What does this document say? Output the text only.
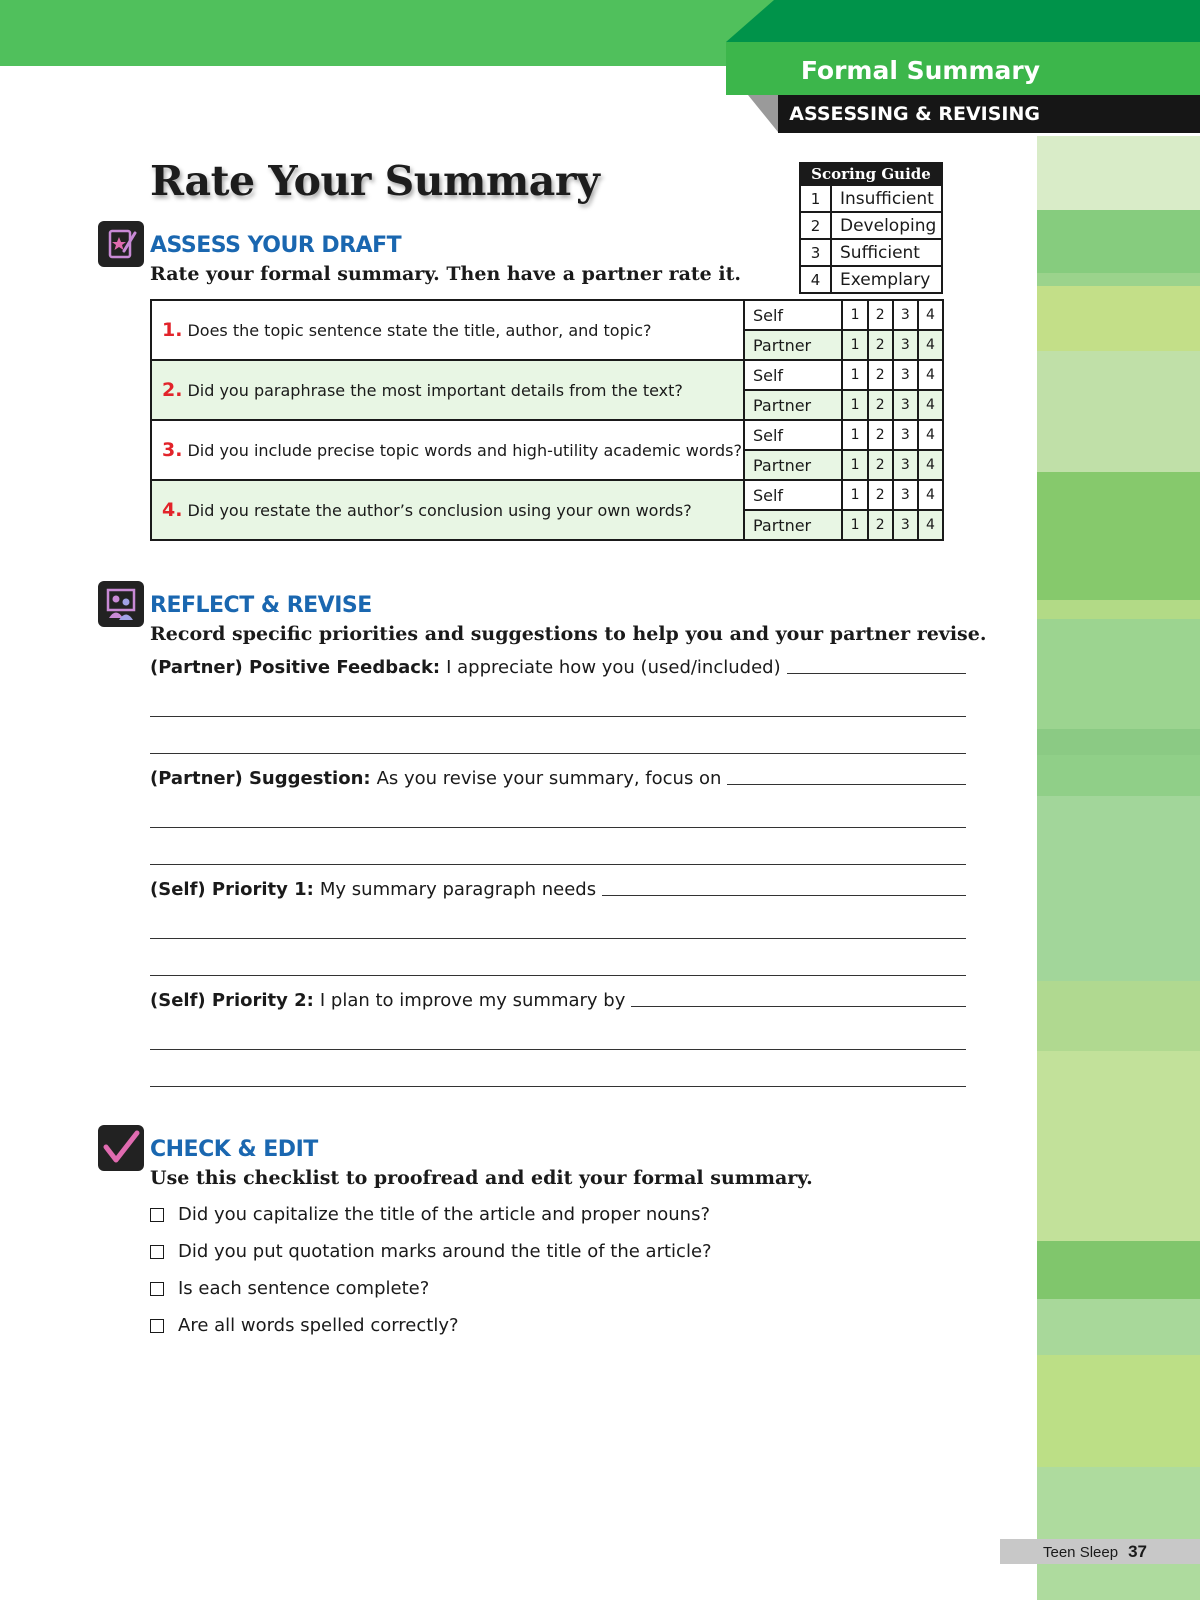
Formal Summary
ASSESSING & REVISING
Rate Your Summary	Scoring Guide
1	Insufficient
2	Developing
3	Sufficient
4	Exemplary
ASSESS YOUR DRAFT
Rate your formal summary. Then have a partner rate it.
1. Does the topic sentence state the title, author, and topic?	Self	1	2	3	4
	Partner	1	2	3	4
2. Did you paraphrase the most important details from the text?	Self	1	2	3	4
	Partner	1	2	3	4
3. Did you include precise topic words and high-utility academic words?	Self	1	2	3	4
	Partner	1	2	3	4
4. Did you restate the author’s conclusion using your own words?	Self	1	2	3	4
	Partner	1	2	3	4
REFLECT & REVISE
Record specific priorities and suggestions to help you and your partner revise.
(Partner) Positive Feedback: I appreciate how you (used/included)
(Partner) Suggestion: As you revise your summary, focus on
(Self) Priority 1: My summary paragraph needs
(Self) Priority 2: I plan to improve my summary by
CHECK & EDIT
Use this checklist to proofread and edit your formal summary.
Did you capitalize the title of the article and proper nouns?
Did you put quotation marks around the title of the article?
Is each sentence complete?
Are all words spelled correctly?
Teen Sleep 37
